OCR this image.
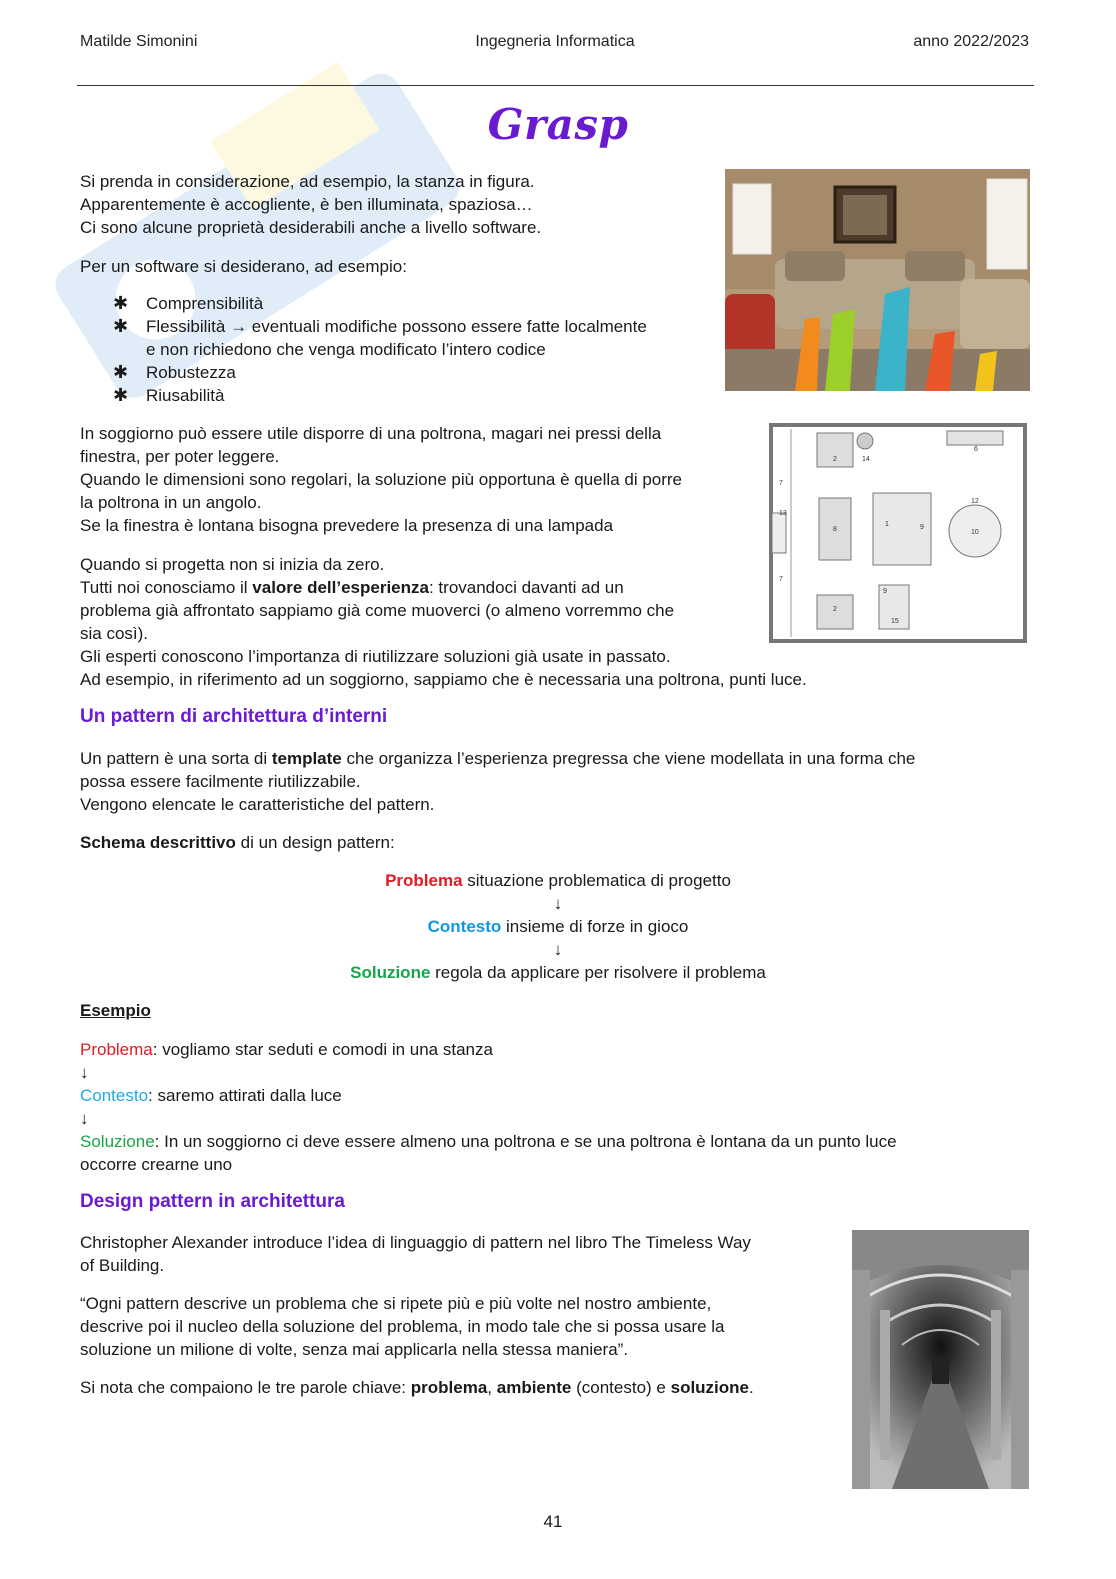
Matilde Simonini	Ingegneria Informatica	anno 2022/2023
Grasp
Si prenda in considerazione, ad esempio, la stanza in figura.
Apparentemente è accogliente, è ben illuminata, spaziosa…
Ci sono alcune proprietà desiderabili anche a livello software.
Per un software si desiderano, ad esempio:
✱	Comprensibilità
✱	Flessibilità → eventuali modifiche possono essere fatte localmente
e non richiedono che venga modificato l’intero codice
✱	Robustezza
✱	Riusabilità
In soggiorno può essere utile disporre di una poltrona, magari nei pressi della
finestra, per poter leggere.
Quando le dimensioni sono regolari, la soluzione più opportuna è quella di porre
la poltrona in un angolo.
Se la finestra è lontana bisogna prevedere la presenza di una lampada
2	14
6
7
13
8
1	9
12
10
7
2
9
15
Quando si progetta non si inizia da zero.
Tutti noi conosciamo il valore dell’esperienza: trovandoci davanti ad un
problema già affrontato sappiamo già come muoverci (o almeno vorremmo che
sia così).
Gli esperti conoscono l’importanza di riutilizzare soluzioni già usate in passato.
Ad esempio, in riferimento ad un soggiorno, sappiamo che è necessaria una poltrona, punti luce.
Un pattern di architettura d’interni
Un pattern è una sorta di template che organizza l’esperienza pregressa che viene modellata in una forma che
possa essere facilmente riutilizzabile.
Vengono elencate le caratteristiche del pattern.
Schema descrittivo di un design pattern:
Problema situazione problematica di progetto
↓
Contesto insieme di forze in gioco
↓
Soluzione regola da applicare per risolvere il problema
Esempio
Problema: vogliamo star seduti e comodi in una stanza
↓
Contesto: saremo attirati dalla luce
↓
Soluzione: In un soggiorno ci deve essere almeno una poltrona e se una poltrona è lontana da un punto luce
occorre crearne uno
Design pattern in architettura
Christopher Alexander introduce l’idea di linguaggio di pattern nel libro The Timeless Way
of Building.
“Ogni pattern descrive un problema che si ripete più e più volte nel nostro ambiente,
descrive poi il nucleo della soluzione del problema, in modo tale che si possa usare la
soluzione un milione di volte, senza mai applicarla nella stessa maniera”.
Si nota che compaiono le tre parole chiave: problema, ambiente (contesto) e soluzione.
41
